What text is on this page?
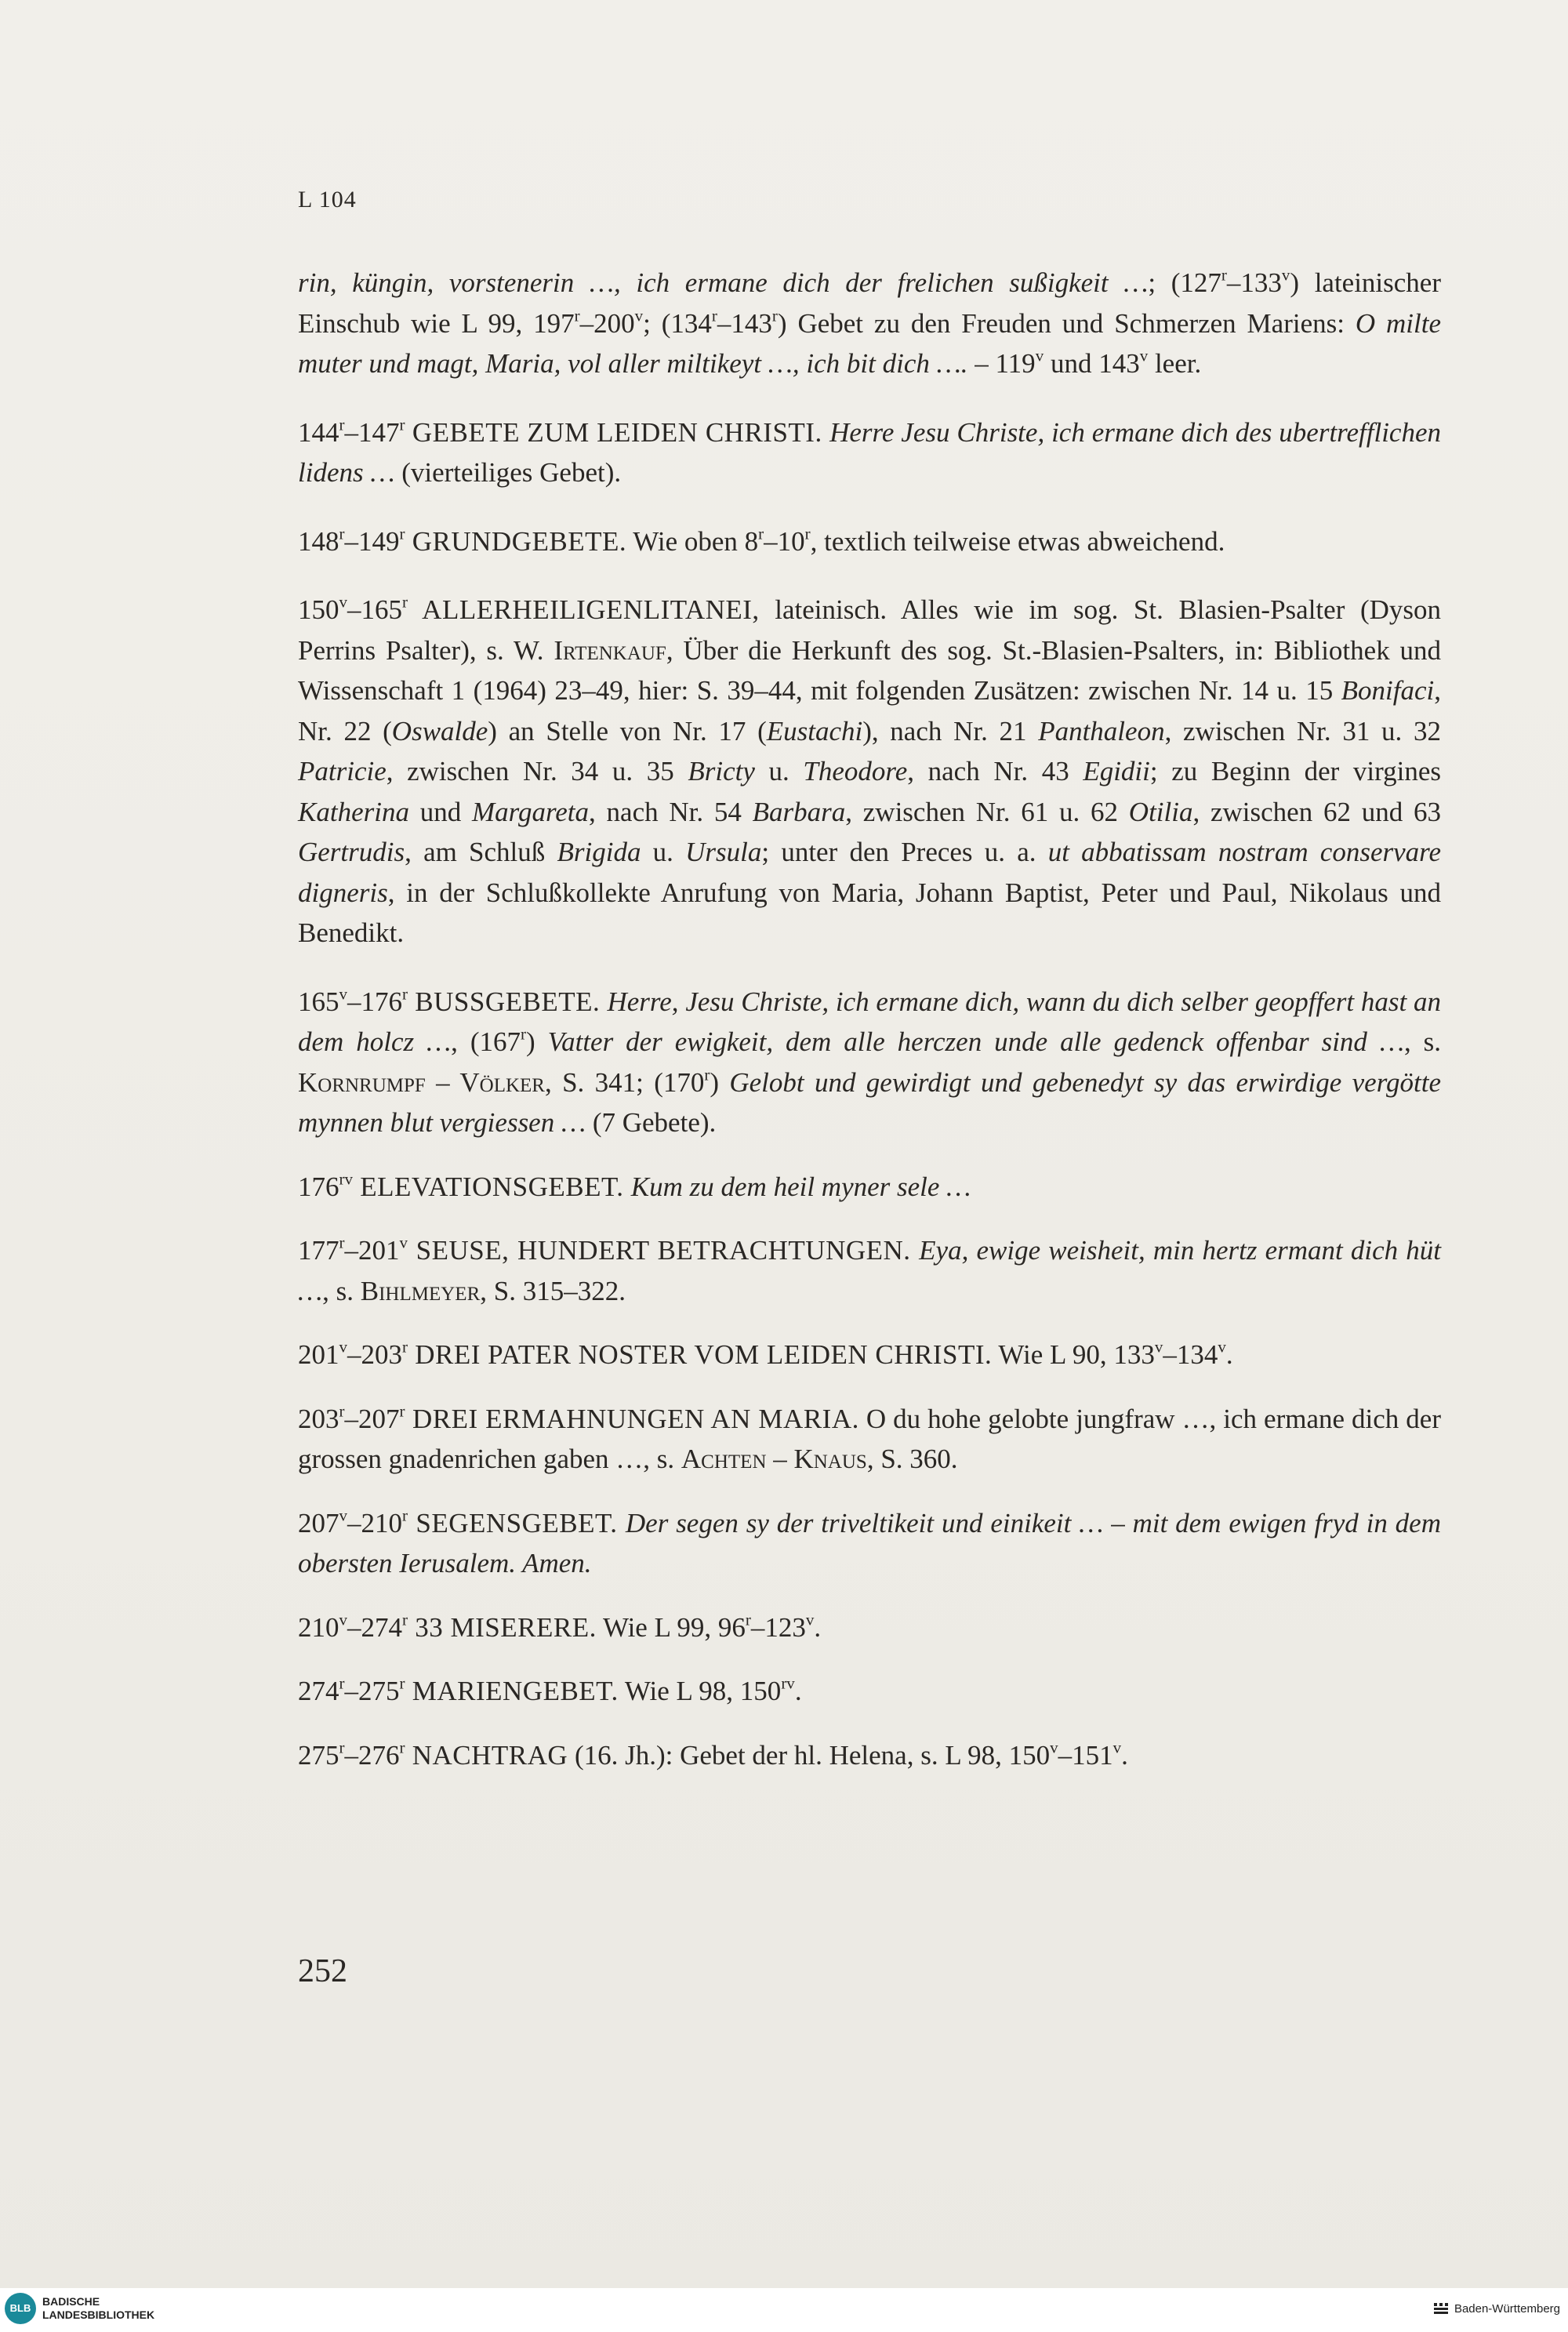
L 104

rin, küngin, vorstenerin …, ich ermane dich der frelichen sußigkeit …; (127$^r$–133$^v$) lateinischer Einschub wie L 99, 197$^r$–200$^v$; (134$^r$–143$^r$) Gebet zu den Freuden und Schmerzen Mariens: O milte muter und magt, Maria, vol aller miltikeyt …, ich bit dich …. – 119$^v$ und 143$^v$ leer.

144$^r$–147$^r$ GEBETE ZUM LEIDEN CHRISTI. Herre Jesu Christe, ich ermane dich des ubertrefflichen lidens … (vierteiliges Gebet).

148$^r$–149$^r$ GRUNDGEBETE. Wie oben 8$^r$–10$^r$, textlich teilweise etwas abweichend.

150$^v$–165$^r$ ALLERHEILIGENLITANEI, lateinisch. Alles wie im sog. St. Blasien-Psalter (Dyson Perrins Psalter), s. W. Irtenkauf, Über die Herkunft des sog. St.-Blasien-Psalters, in: Bibliothek und Wissenschaft 1 (1964) 23–49, hier: S. 39–44, mit folgenden Zusätzen: zwischen Nr. 14 u. 15 Bonifaci, Nr. 22 (Oswalde) an Stelle von Nr. 17 (Eustachi), nach Nr. 21 Panthaleon, zwischen Nr. 31 u. 32 Patricie, zwischen Nr. 34 u. 35 Bricty u. Theodore, nach Nr. 43 Egidii; zu Beginn der virgines Katherina und Margareta, nach Nr. 54 Barbara, zwischen Nr. 61 u. 62 Otilia, zwischen 62 und 63 Gertrudis, am Schluß Brigida u. Ursula; unter den Preces u. a. ut abbatissam nostram conservare digneris, in der Schlußkollekte Anrufung von Maria, Johann Baptist, Peter und Paul, Nikolaus und Benedikt.

165$^v$–176$^r$ BUSSGEBETE. Herre, Jesu Christe, ich ermane dich, wann du dich selber geopffert hast an dem holcz …, (167$^r$) Vatter der ewigkeit, dem alle herczen unde alle gedenck offenbar sind …, s. Kornrumpf – Völker, S. 341; (170$^r$) Gelobt und gewirdigt und gebenedyt sy das erwirdige vergötte mynnen blut vergiessen … (7 Gebete).

$176^{rv}$ ELEVATIONSGEBET. Kum zu dem heil myner sele …

177$^r$–201$^v$ SEUSE, HUNDERT BETRACHTUNGEN. Eya, ewige weisheit, min hertz ermant dich hüt …, s. Bihlmeyer, S. 315–322.

201$^v$–203$^r$ DREI PATER NOSTER VOM LEIDEN CHRISTI. Wie L 90, 133$^v$–134$^v$.

203$^r$–207$^r$ DREI ERMAHNUNGEN AN MARIA. O du hohe gelobte jungfraw …, ich ermane dich der grossen gnadenrichen gaben …, s. Achten – Knaus, S. 360.

207$^v$–210$^r$ SEGENSGEBET. Der segen sy der triveltikeit und einikeit … – mit dem ewigen fryd in dem obersten Ierusalem. Amen.

210$^v$–274$^r$ 33 MISERERE. Wie L 99, 96$^r$–123$^v$.

274$^r$–275$^r$ MARIENGEBET. Wie L 98, $150^{rv}$.

275$^r$–276$^r$ NACHTRAG (16. Jh.): Gebet der hl. Helena, s. L 98, 150$^v$–151$^v$.

252
BLB
BADISCHE
LANDESBIBLIOTHEK	Baden-Württemberg
